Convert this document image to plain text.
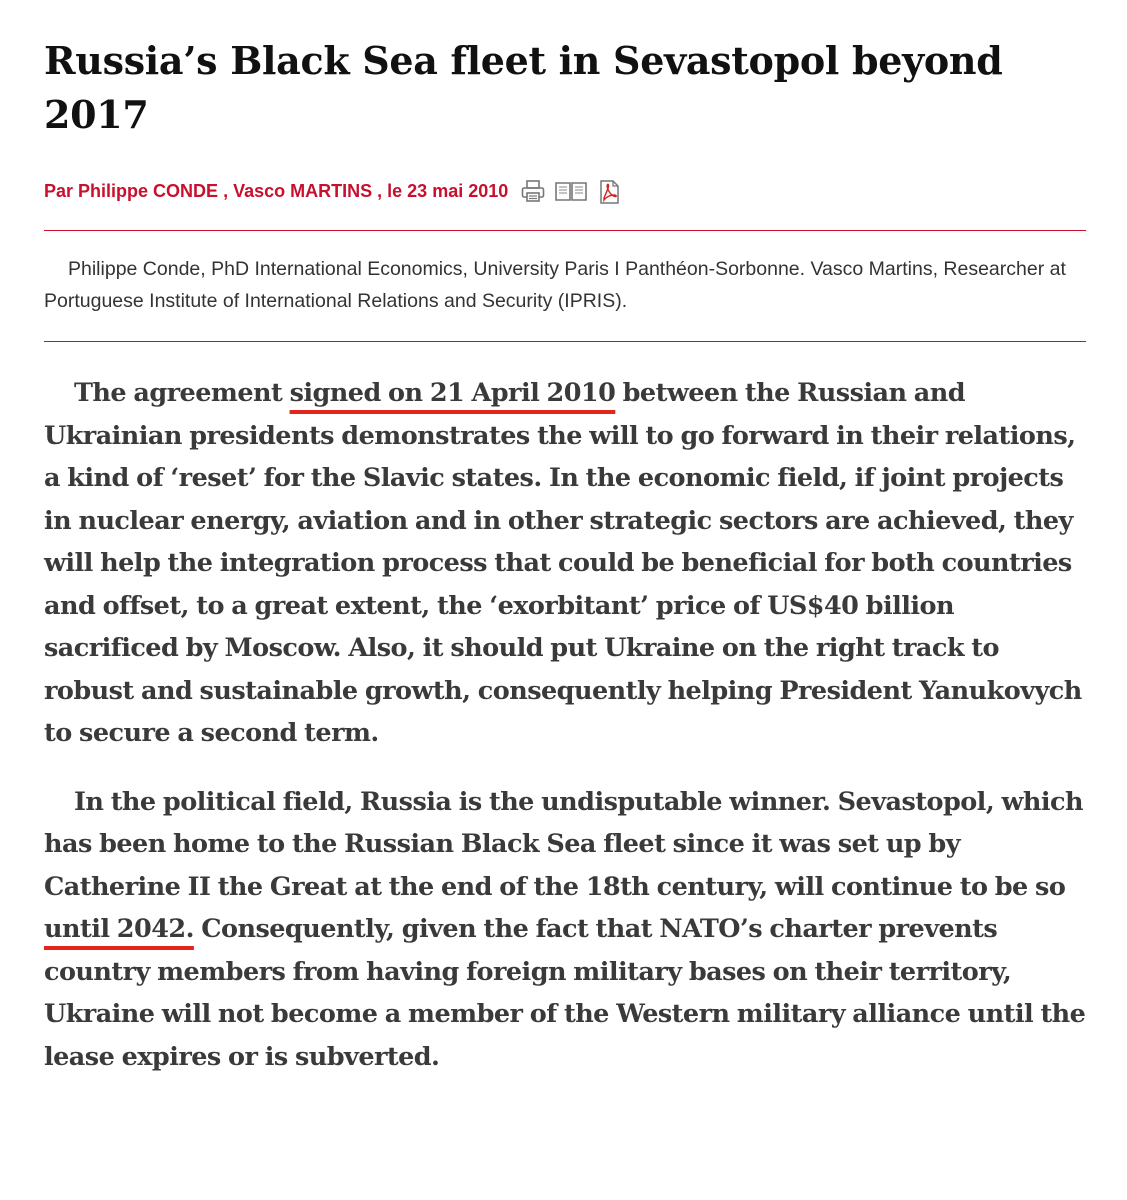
Russia’s Black Sea fleet in Sevastopol beyond 2017
Par
Philippe CONDE , Vasco MARTINS
, le
23 mai 2010

Philippe Conde, PhD International Economics, University Paris I Panthéon-Sorbonne. Vasco Martins, Researcher at Portuguese Institute of International Relations and Security (IPRIS).

The agreement signed on 21 April 2010 between the Russian and Ukrainian presidents demonstrates the will to go forward in their relations, a kind of ‘reset’ for the Slavic states. In the economic field, if joint projects in nuclear energy, aviation and in other strategic sectors are achieved, they will help the integration process that could be beneficial for both countries and offset, to a great extent, the ‘exorbitant’ price of US$40 billion sacrificed by Moscow. Also, it should put Ukraine on the right track to robust and sustainable growth, consequently helping President Yanukovych to secure a second term.

In the political field, Russia is the undisputable winner. Sevastopol, which has been home to the Russian Black Sea fleet since it was set up by Catherine II the Great at the end of the 18th century, will continue to be so until 2042. Consequently, given the fact that NATO’s charter prevents country members from having foreign military bases on their territory, Ukraine will not become a member of the Western military alliance until the lease expires or is subverted.
